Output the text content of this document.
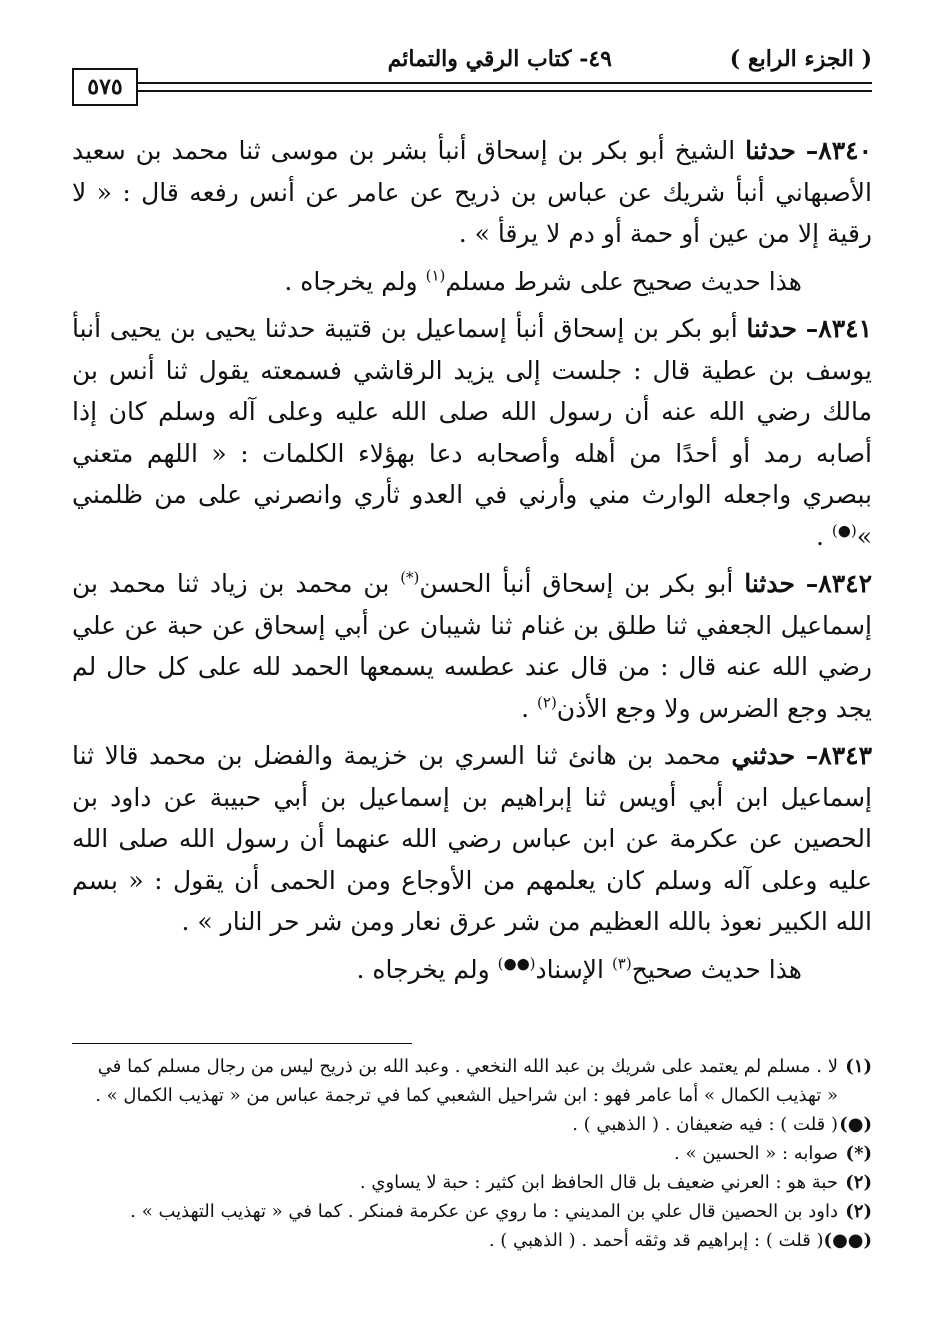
( الجزء الرابع )
٤٩- كتاب الرقي والتمائم
٥٧٥

٨٣٤٠– حدثنا الشيخ أبو بكر بن إسحاق أنبأ بشر بن موسى ثنا محمد بن سعيد الأصبهاني أنبأ شريك عن عباس بن ذريح عن عامر عن أنس رفعه قال : « لا رقية إلا من عين أو حمة أو دم لا يرقأ » .

هذا حديث صحيح على شرط مسلم$^{(١)}$ ولم يخرجاه .

٨٣٤١– حدثنا أبو بكر بن إسحاق أنبأ إسماعيل بن قتيبة حدثنا يحيى بن يحيى أنبأ يوسف بن عطية قال : جلست إلى يزيد الرقاشي فسمعته يقول ثنا أنس بن مالك رضي الله عنه أن رسول الله صلى الله عليه وعلى آله وسلم كان إذا أصابه رمد أو أحدًا من أهله وأصحابه دعا بهؤلاء الكلمات : « اللهم متعني ببصري واجعله الوارث مني وأرني في العدو ثأري وانصرني على من ظلمني »(●) .

٨٣٤٢– حدثنا أبو بكر بن إسحاق أنبأ الحسن(*) بن محمد بن زياد ثنا محمد بن إسماعيل الجعفي ثنا طلق بن غنام ثنا شيبان عن أبي إسحاق عن حبة عن علي رضي الله عنه قال : من قال عند عطسه يسمعها الحمد لله على كل حال لم يجد وجع الضرس ولا وجع الأذن$^{(٢)}$ .

٨٣٤٣– حدثني محمد بن هانئ ثنا السري بن خزيمة والفضل بن محمد قالا ثنا إسماعيل ابن أبي أويس ثنا إبراهيم بن إسماعيل بن أبي حبيبة عن داود بن الحصين عن عكرمة عن ابن عباس رضي الله عنهما أن رسول الله صلى الله عليه وعلى آله وسلم كان يعلمهم من الأوجاع ومن الحمى أن يقول : « بسم الله الكبير نعوذ بالله العظيم من شر عرق نعار ومن شر حر النار » .

هذا حديث صحيح$^{(٣)}$ الإسناد(●●) ولم يخرجاه .

(١)
لا . مسلم لم يعتمد على شريك بن عبد الله النخعي . وعبد الله بن ذريح ليس من رجال مسلم كما في
« تهذيب الكمال » أما عامر فهو : ابن شراحيل الشعبي كما في ترجمة عباس من « تهذيب الكمال » .
(●)
( قلت ) : فيه ضعيفان . ( الذهبي ) .
(*)
صوابه : « الحسين » .
(٢)
حبة هو : العرني ضعيف بل قال الحافظ ابن كثير : حبة لا يساوي .
(٢)
داود بن الحصين قال علي بن المديني : ما روي عن عكرمة فمنكر . كما في « تهذيب التهذيب » .
(●●)
( قلت ) : إبراهيم قد وثقه أحمد . ( الذهبي ) .
